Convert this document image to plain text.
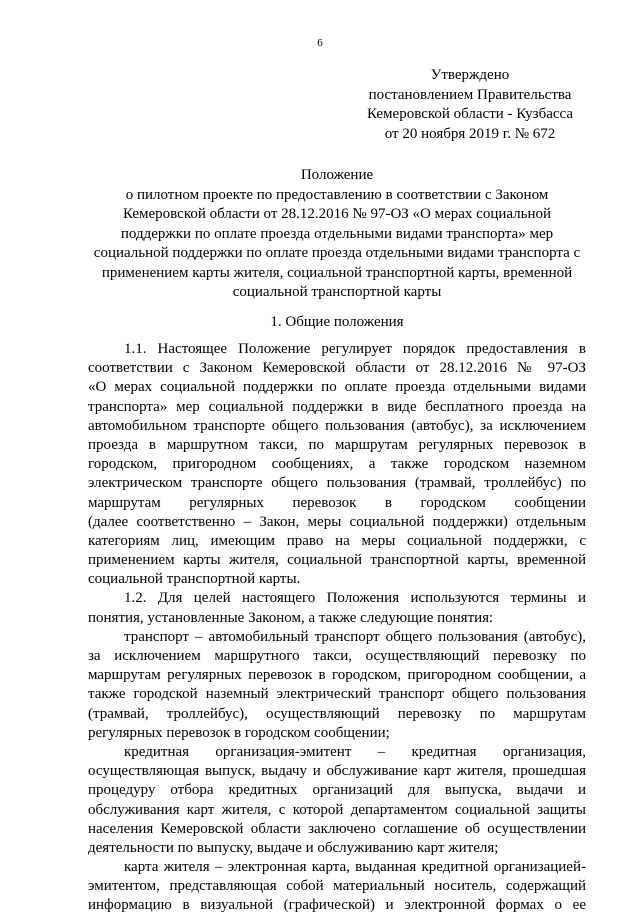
6
Утверждено
постановлением Правительства
Кемеровской области - Кузбасса
от 20 ноября 2019 г. № 672
Положение
о пилотном проекте по предоставлению в соответствии с Законом
Кемеровской области от 28.12.2016 № 97-ОЗ «О мерах социальной
поддержки по оплате проезда отдельными видами транспорта» мер
социальной поддержки по оплате проезда отдельными видами транспорта с
применением карты жителя, социальной транспортной карты, временной
социальной транспортной карты
1. Общие положения
1.1. Настоящее Положение регулирует порядок предоставления в
соответствии с Законом Кемеровской области от 28.12.2016 № 97-ОЗ
«О мерах социальной поддержки по оплате проезда отдельными видами
транспорта» мер социальной поддержки в виде бесплатного проезда на
автомобильном транспорте общего пользования (автобус), за исключением
проезда в маршрутном такси, по маршрутам регулярных перевозок в
городском, пригородном сообщениях, а также городском наземном
электрическом транспорте общего пользования (трамвай, троллейбус) по
маршрутам регулярных перевозок в городском сообщении
(далее соответственно – Закон, меры социальной поддержки) отдельным
категориям лиц, имеющим право на меры социальной поддержки, с
применением карты жителя, социальной транспортной карты, временной
социальной транспортной карты.
1.2. Для целей настоящего Положения используются термины и
понятия, установленные Законом, а также следующие понятия:
транспорт – автомобильный транспорт общего пользования (автобус),
за исключением маршрутного такси, осуществляющий перевозку по
маршрутам регулярных перевозок в городском, пригородном сообщении, а
также городской наземный электрический транспорт общего пользования
(трамвай, троллейбус), осуществляющий перевозку по маршрутам
регулярных перевозок в городском сообщении;
кредитная организация-эмитент – кредитная организация,
осуществляющая выпуск, выдачу и обслуживание карт жителя, прошедшая
процедуру отбора кредитных организаций для выпуска, выдачи и
обслуживания карт жителя, с которой департаментом социальной защиты
населения Кемеровской области заключено соглашение об осуществлении
деятельности по выпуску, выдаче и обслуживанию карт жителя;
карта жителя – электронная карта, выданная кредитной организацией-
эмитентом, представляющая собой материальный носитель, содержащий
информацию в визуальной (графической) и электронной формах о ее
